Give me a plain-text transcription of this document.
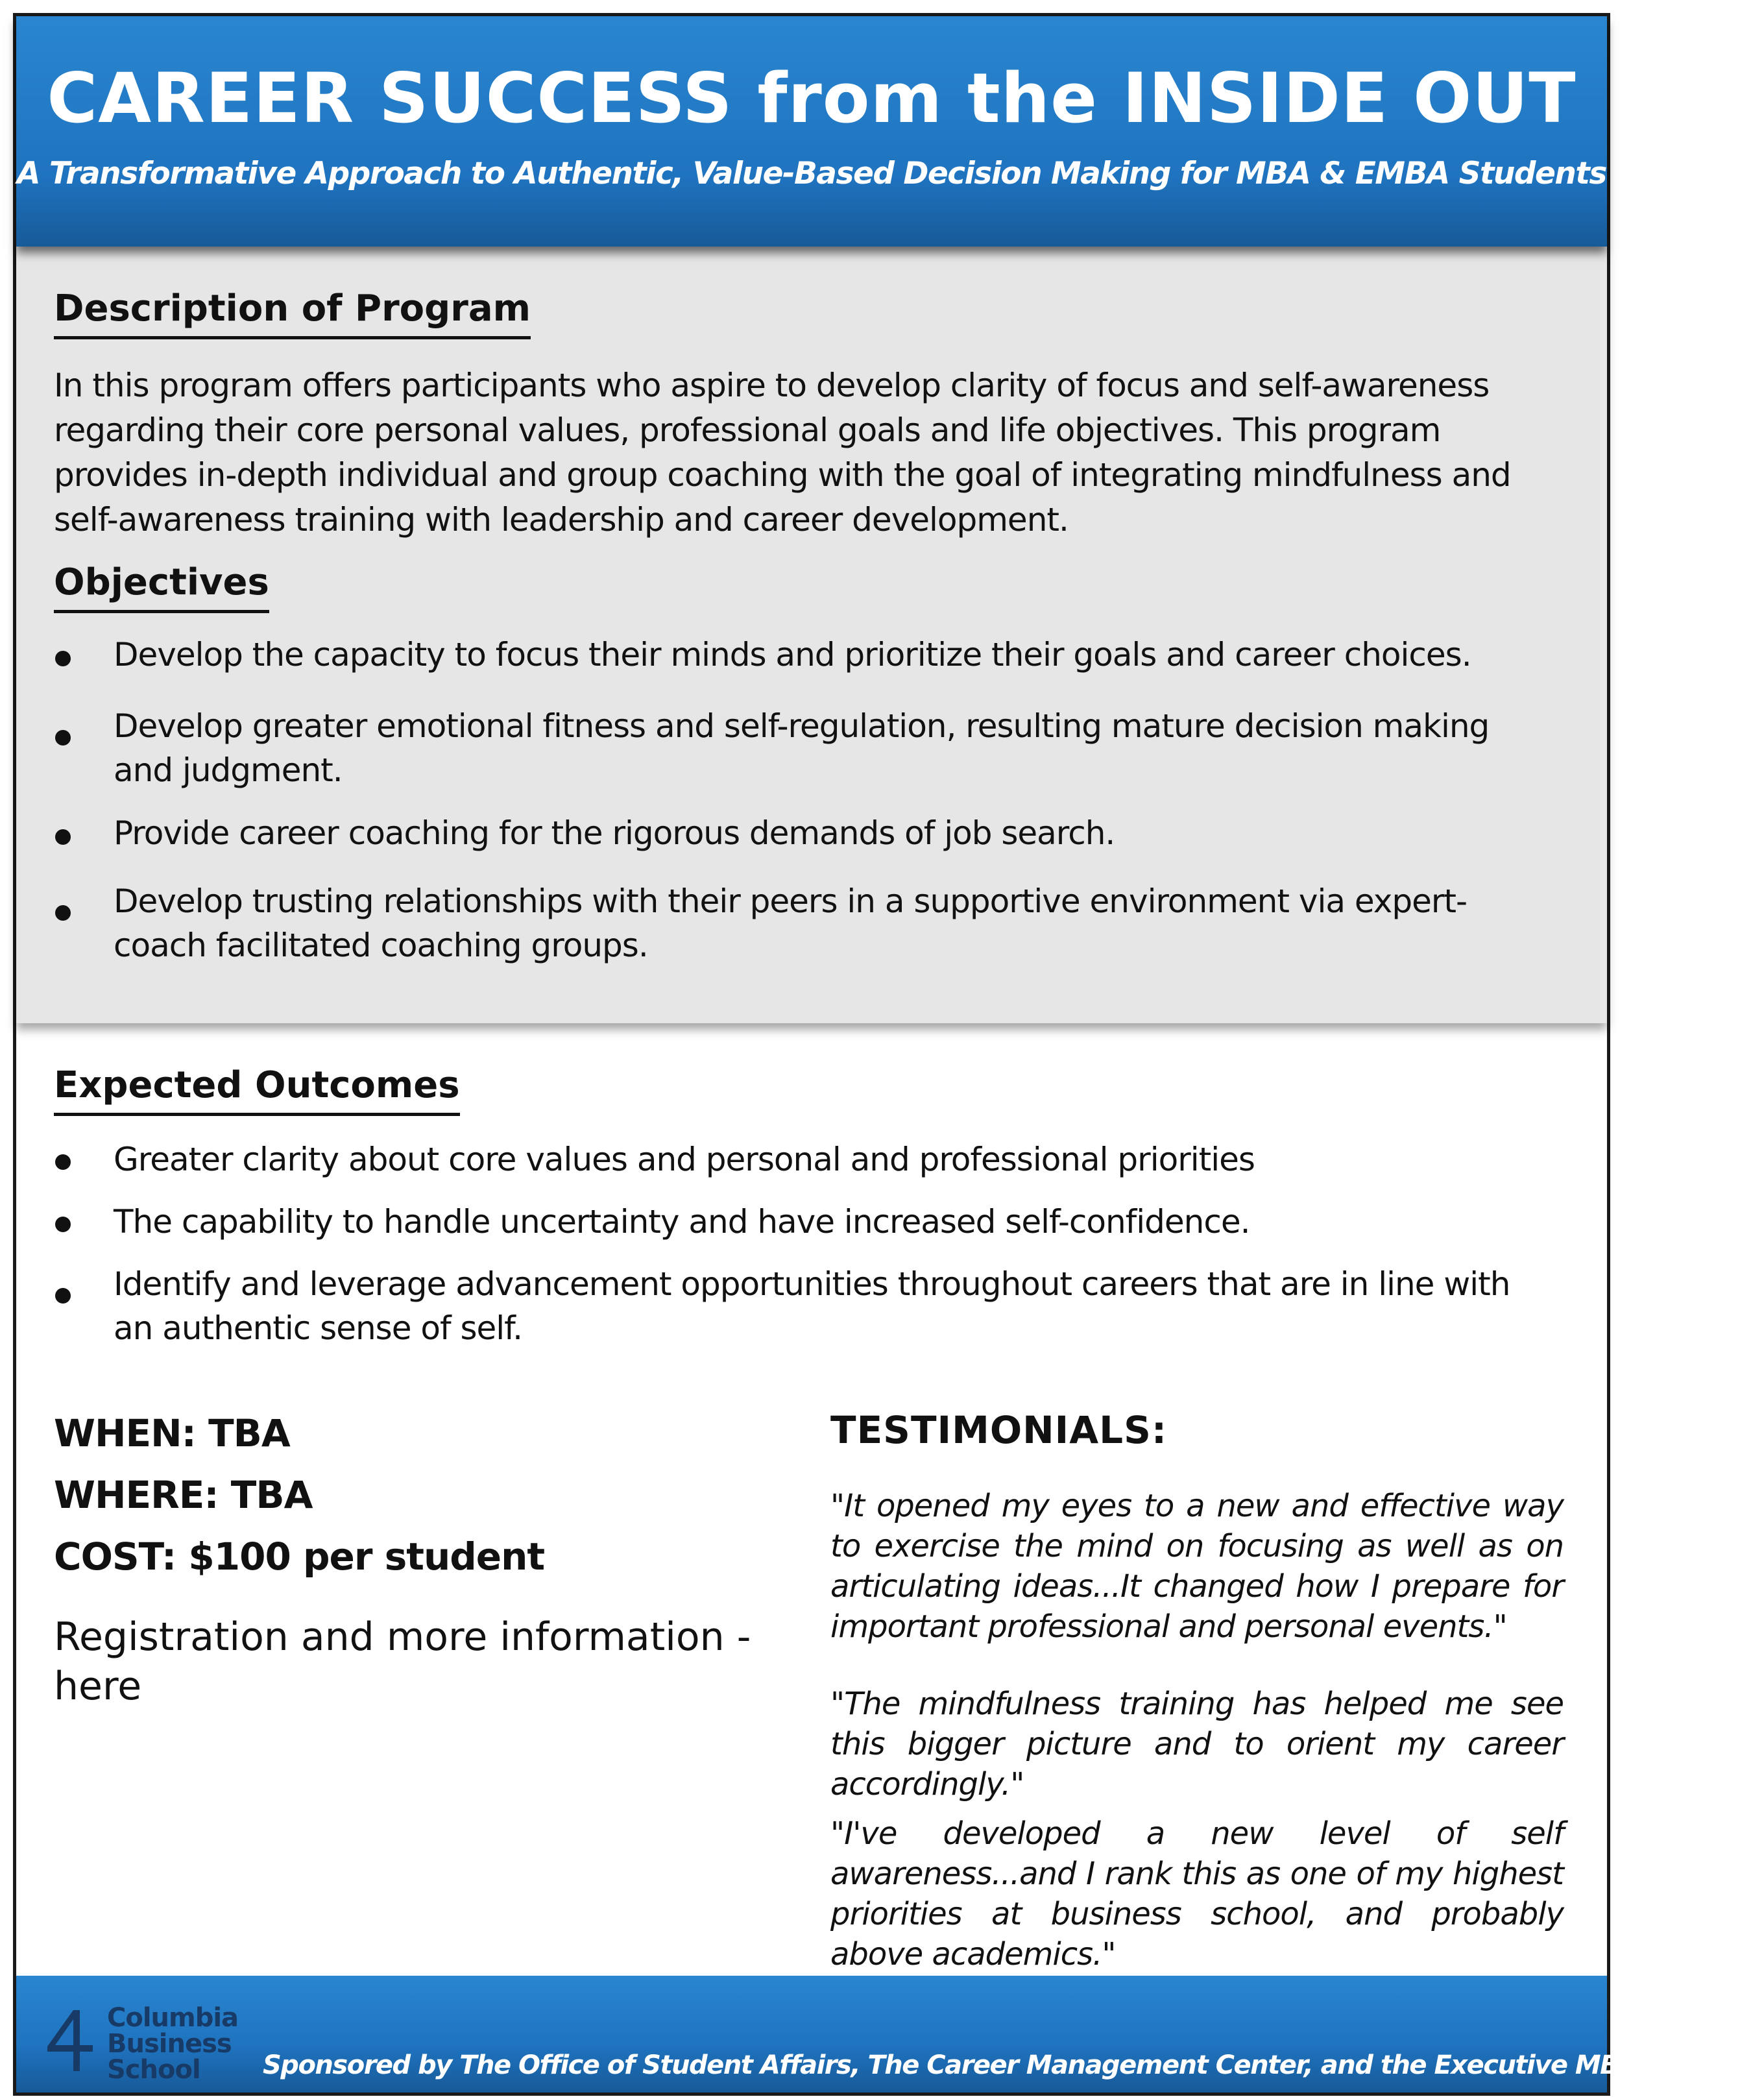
CAREER SUCCESS from the INSIDE OUT
A Transformative Approach to Authentic, Value-Based Decision Making for MBA & EMBA Students
Description of Program
In this program offers participants who aspire to develop clarity of focus and self-awareness regarding their core personal values, professional goals and life objectives. This program provides in-depth individual and group coaching with the goal of integrating mindfulness and self-awareness training with leadership and career development.
Objectives
Develop the capacity to focus their minds and prioritize their goals and career choices.
Develop greater emotional fitness and self-regulation, resulting mature decision making and judgment.
Provide career coaching for the rigorous demands of job search.
Develop trusting relationships with their peers in a supportive environment via expert-coach facilitated coaching groups.
Expected Outcomes
Greater clarity about core values and personal and professional priorities
The capability to handle uncertainty and have increased self-confidence.
Identify and leverage advancement opportunities throughout careers that are in line with an authentic sense of self.
WHEN: TBA
WHERE: TBA
COST: $100 per student
Registration and more information - here
TESTIMONIALS:
"It opened my eyes to a new and effective way to exercise the mind on focusing as well as on articulating ideas...It changed how I prepare for important professional and personal events."
"The mindfulness training has helped me see this bigger picture and to orient my career accordingly."
"I've developed a new level of self awareness...and I rank this as one of my highest priorities at business school, and probably above academics."
Columbia
Business
School	Sponsored by The Office of Student Affairs, The Career Management Center, and the Executive MBA Program
